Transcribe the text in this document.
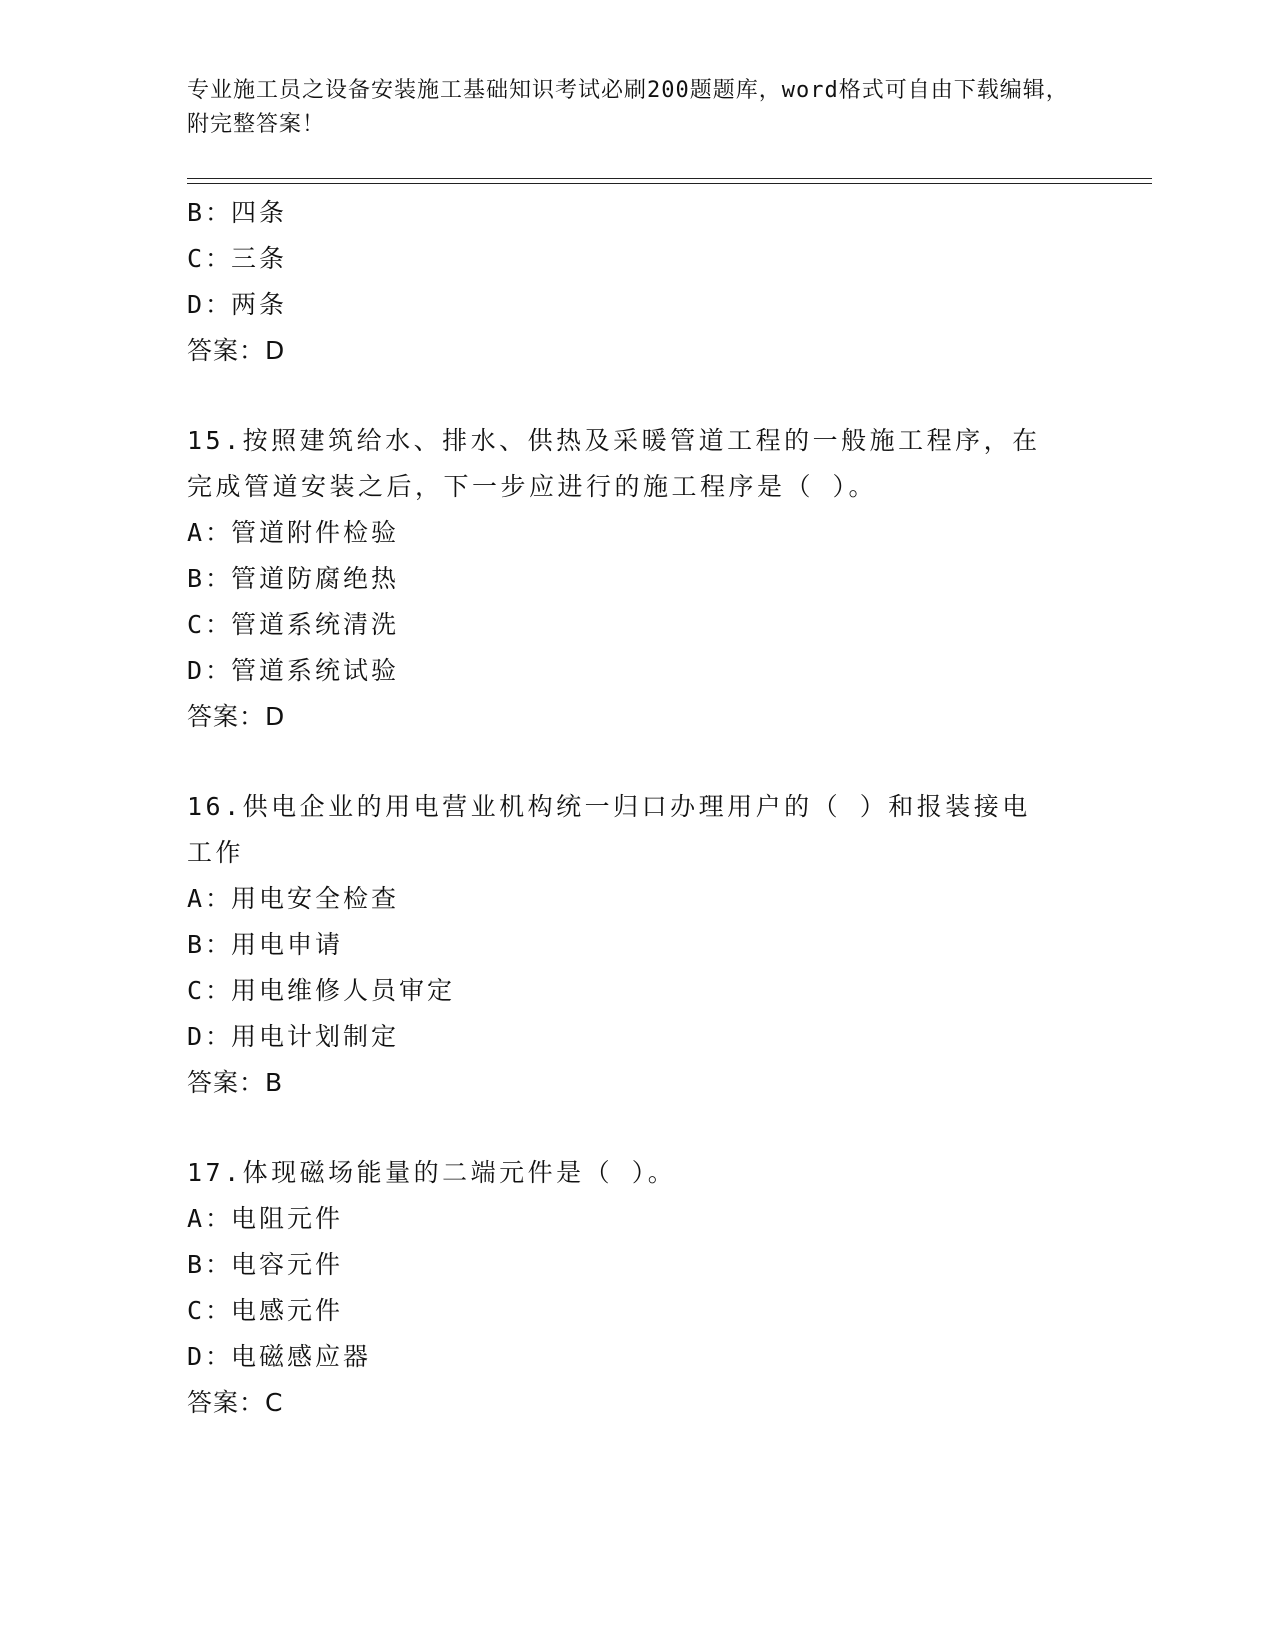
专业施工员之设备安装施工基础知识考试必刷200题题库，word格式可自由下载编辑，附完整答案！
B：四条
C：三条
D：两条
答案：D
15.按照建筑给水、排水、供热及采暖管道工程的一般施工程序，在完成管道安装之后，下一步应进行的施工程序是（ ）。
A：管道附件检验
B：管道防腐绝热
C：管道系统清洗
D：管道系统试验
答案：D
16.供电企业的用电营业机构统一归口办理用户的（ ）和报装接电工作
A：用电安全检查
B：用电申请
C：用电维修人员审定
D：用电计划制定
答案：B
17.体现磁场能量的二端元件是（ ）。
A：电阻元件
B：电容元件
C：电感元件
D：电磁感应器
答案：C
